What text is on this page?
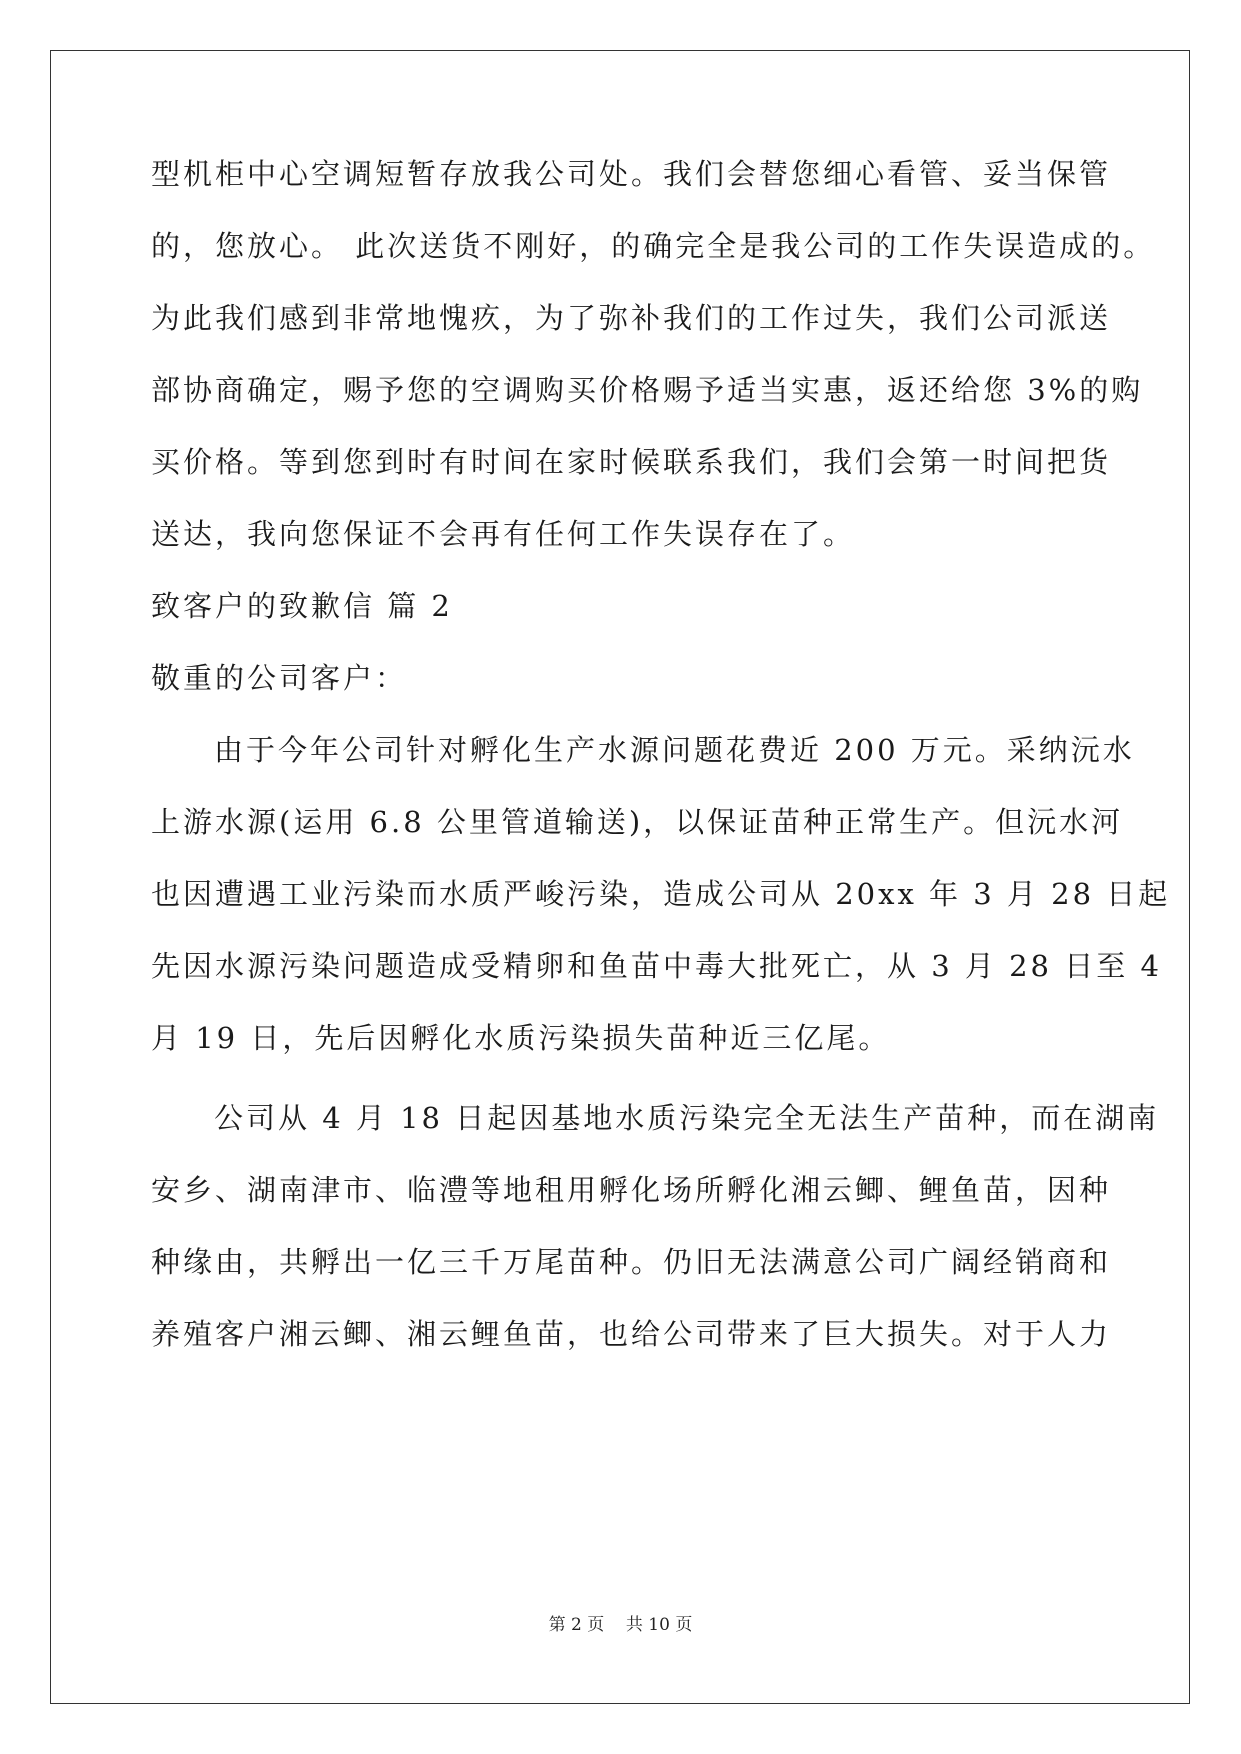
型机柜中心空调短暂存放我公司处。我们会替您细心看管、妥当保管
的，您放心。 此次送货不刚好，的确完全是我公司的工作失误造成的。
为此我们感到非常地愧疚，为了弥补我们的工作过失，我们公司派送
部协商确定，赐予您的空调购买价格赐予适当实惠，返还给您 3%的购
买价格。等到您到时有时间在家时候联系我们，我们会第一时间把货
送达，我向您保证不会再有任何工作失误存在了。
致客户的致歉信 篇 2
敬重的公司客户：
由于今年公司针对孵化生产水源问题花费近 200 万元。采纳沅水
上游水源(运用 6.8 公里管道输送)，以保证苗种正常生产。但沅水河
也因遭遇工业污染而水质严峻污染，造成公司从 20xx 年 3 月 28 日起
先因水源污染问题造成受精卵和鱼苗中毒大批死亡，从 3 月 28 日至 4
月 19 日，先后因孵化水质污染损失苗种近三亿尾。
公司从 4 月 18 日起因基地水质污染完全无法生产苗种，而在湖南
安乡、湖南津市、临澧等地租用孵化场所孵化湘云鲫、鲤鱼苗，因种
种缘由，共孵出一亿三千万尾苗种。仍旧无法满意公司广阔经销商和
养殖客户湘云鲫、湘云鲤鱼苗，也给公司带来了巨大损失。对于人力
第 2 页    共 10 页
